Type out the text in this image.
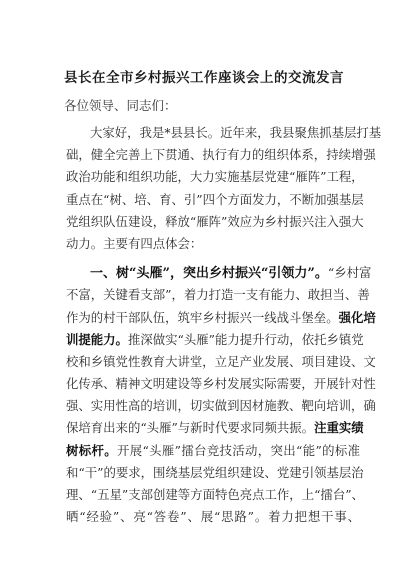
县长在全市乡村振兴工作座谈会上的交流发言
各位领导、同志们：
大家好，我是*县县长。近年来，我县聚焦抓基层打基
础，健全完善上下贯通、执行有力的组织体系，持续增强
政治功能和组织功能，大力实施基层党建“雁阵”工程，
重点在“树、培、育、引”四个方面发力，不断加强基层
党组织队伍建设，释放“雁阵”效应为乡村振兴注入强大
动力。主要有四点体会：
一、树“头雁”，突出乡村振兴“引领力”。“乡村富
不富，关键看支部”，着力打造一支有能力、敢担当、善
作为的村干部队伍，筑牢乡村振兴一线战斗堡垒。强化培
训提能力。推深做实“头雁”能力提升行动，依托乡镇党
校和乡镇党性教育大讲堂，立足产业发展、项目建设、文
化传承、精神文明建设等乡村发展实际需要，开展针对性
强、实用性高的培训，切实做到因材施教、靶向培训，确
保培育出来的“头雁”与新时代要求同频共振。注重实绩
树标杆。开展“头雁”擂台竞技活动，突出“能”的标准
和“干”的要求，围绕基层党组织建设、党建引领基层治
理、“五星”支部创建等方面特色亮点工作，上“擂台”、
晒“经验”、亮“答卷”、展“思路”。着力把想干事、
